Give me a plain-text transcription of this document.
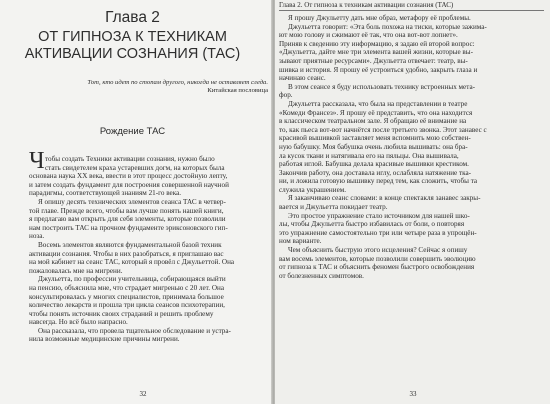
Глава 2
ОТ ГИПНОЗА К ТЕХНИКАМ
АКТИВАЦИИ СОЗНАНИЯ (ТАС)
Тот, кто идет по стопам другого, никогда не оставляет следа.
Китайская пословица
Рождение ТАС
Ч тобы создать Техники активации сознания, нужно было
стать свидетелем краха устаревших догм, на которых была
основана наука XX века, ввести в этот процесс достойную лепту,
и затем создать фундамент для построения совершенной научной
парадигмы, соответствующей знаниям 21-го века.
Я опишу десять технических элементов сеанса ТАС в четвер-
той главе. Прежде всего, чтобы вам лучше понять нашей книги,
я предлагаю вам открыть для себя элементы, которые позволили
нам построить ТАС на прочном фундаменте эриксоновского гип-
ноза.
Восемь элементов являются фундаментальной базой техник
активации сознания. Чтобы в них разобраться, я приглашаю вас
на мой кабинет на сеанс ТАС, который я провёл с Джульеттой. Она
пожаловалась мне на мигрени.
Джульетта, по профессии учительница, собирающаяся выйти
на пенсию, объяснила мне, что страдает мигренью с 20 лет. Она
консультировалась у многих специалистов, принимала большое
количество лекарств и прошла три цикла сеансов психотерапии,
чтобы понять источник своих страданий и решить проблему
навсегда. Но всё было напрасно.
Она рассказала, что провела тщательное обследование и устра-
нила возможные медицинские причины мигрени.
32
Глава 2. От гипноза к техникам активации сознания (ТАС)
Я прошу Джульетту дать мне образ, метафору её проблемы.
Джульетта говорит: «Эта боль похожа на тиски, которые зажима-
ют мою голову и сжимают её так, что она вот-вот лопнет».
Приняв к сведению эту информацию, я задаю ей второй вопрос:
«Джульетта, дайте мне три элемента вашей жизни, которые вы-
зывают приятные ресурсами». Джульетта отвечает: театр, вы-
шивка и история. Я прошу её устроиться удобно, закрыть глаза и
начинаю сеанс.
В этом сеансе я буду использовать технику встроенных мета-
фор.
Джульетта рассказала, что была на представлении в театре
«Комеди Франсез». Я прошу её представить, что она находится
в классическом театральном зале. Я обращаю её внимание на
то, как пьеса вот-вот начнётся после третьего звонка. Этот занавес с
красивой вышивкой заставляет меня вспомнить мою собствен-
ную бабушку. Моя бабушка очень любила вышивать: она бра-
ла кусок ткани и натягивала его на пяльцы. Она вышивала,
работая иглой. Бабушка делала красивые вышивки крестиком.
Закончив работу, она доставала иглу, ослабляла натяжение тка-
ни, и ложила готовую вышивку перед тем, как сложить, чтобы та
служила украшением.
Я заканчиваю сеанс словами: в конце спектакля занавес закры-
вается и Джульетта покидает театр.
Это простое упражнение стало источником для нашей шко-
лы, чтобы Джульетта быстро избавилась от боли, о повторяя
это упражнение самостоятельно три или четыре раза в упрощён-
ном варианте.
Чем объяснить быструю этого исцеления? Сейчас я опишу
вам восемь элементов, которые позволили совершить эволюцию
от гипноза к ТАС и объяснить феномен быстрого освобождения
от болезненных симптомов.
33
